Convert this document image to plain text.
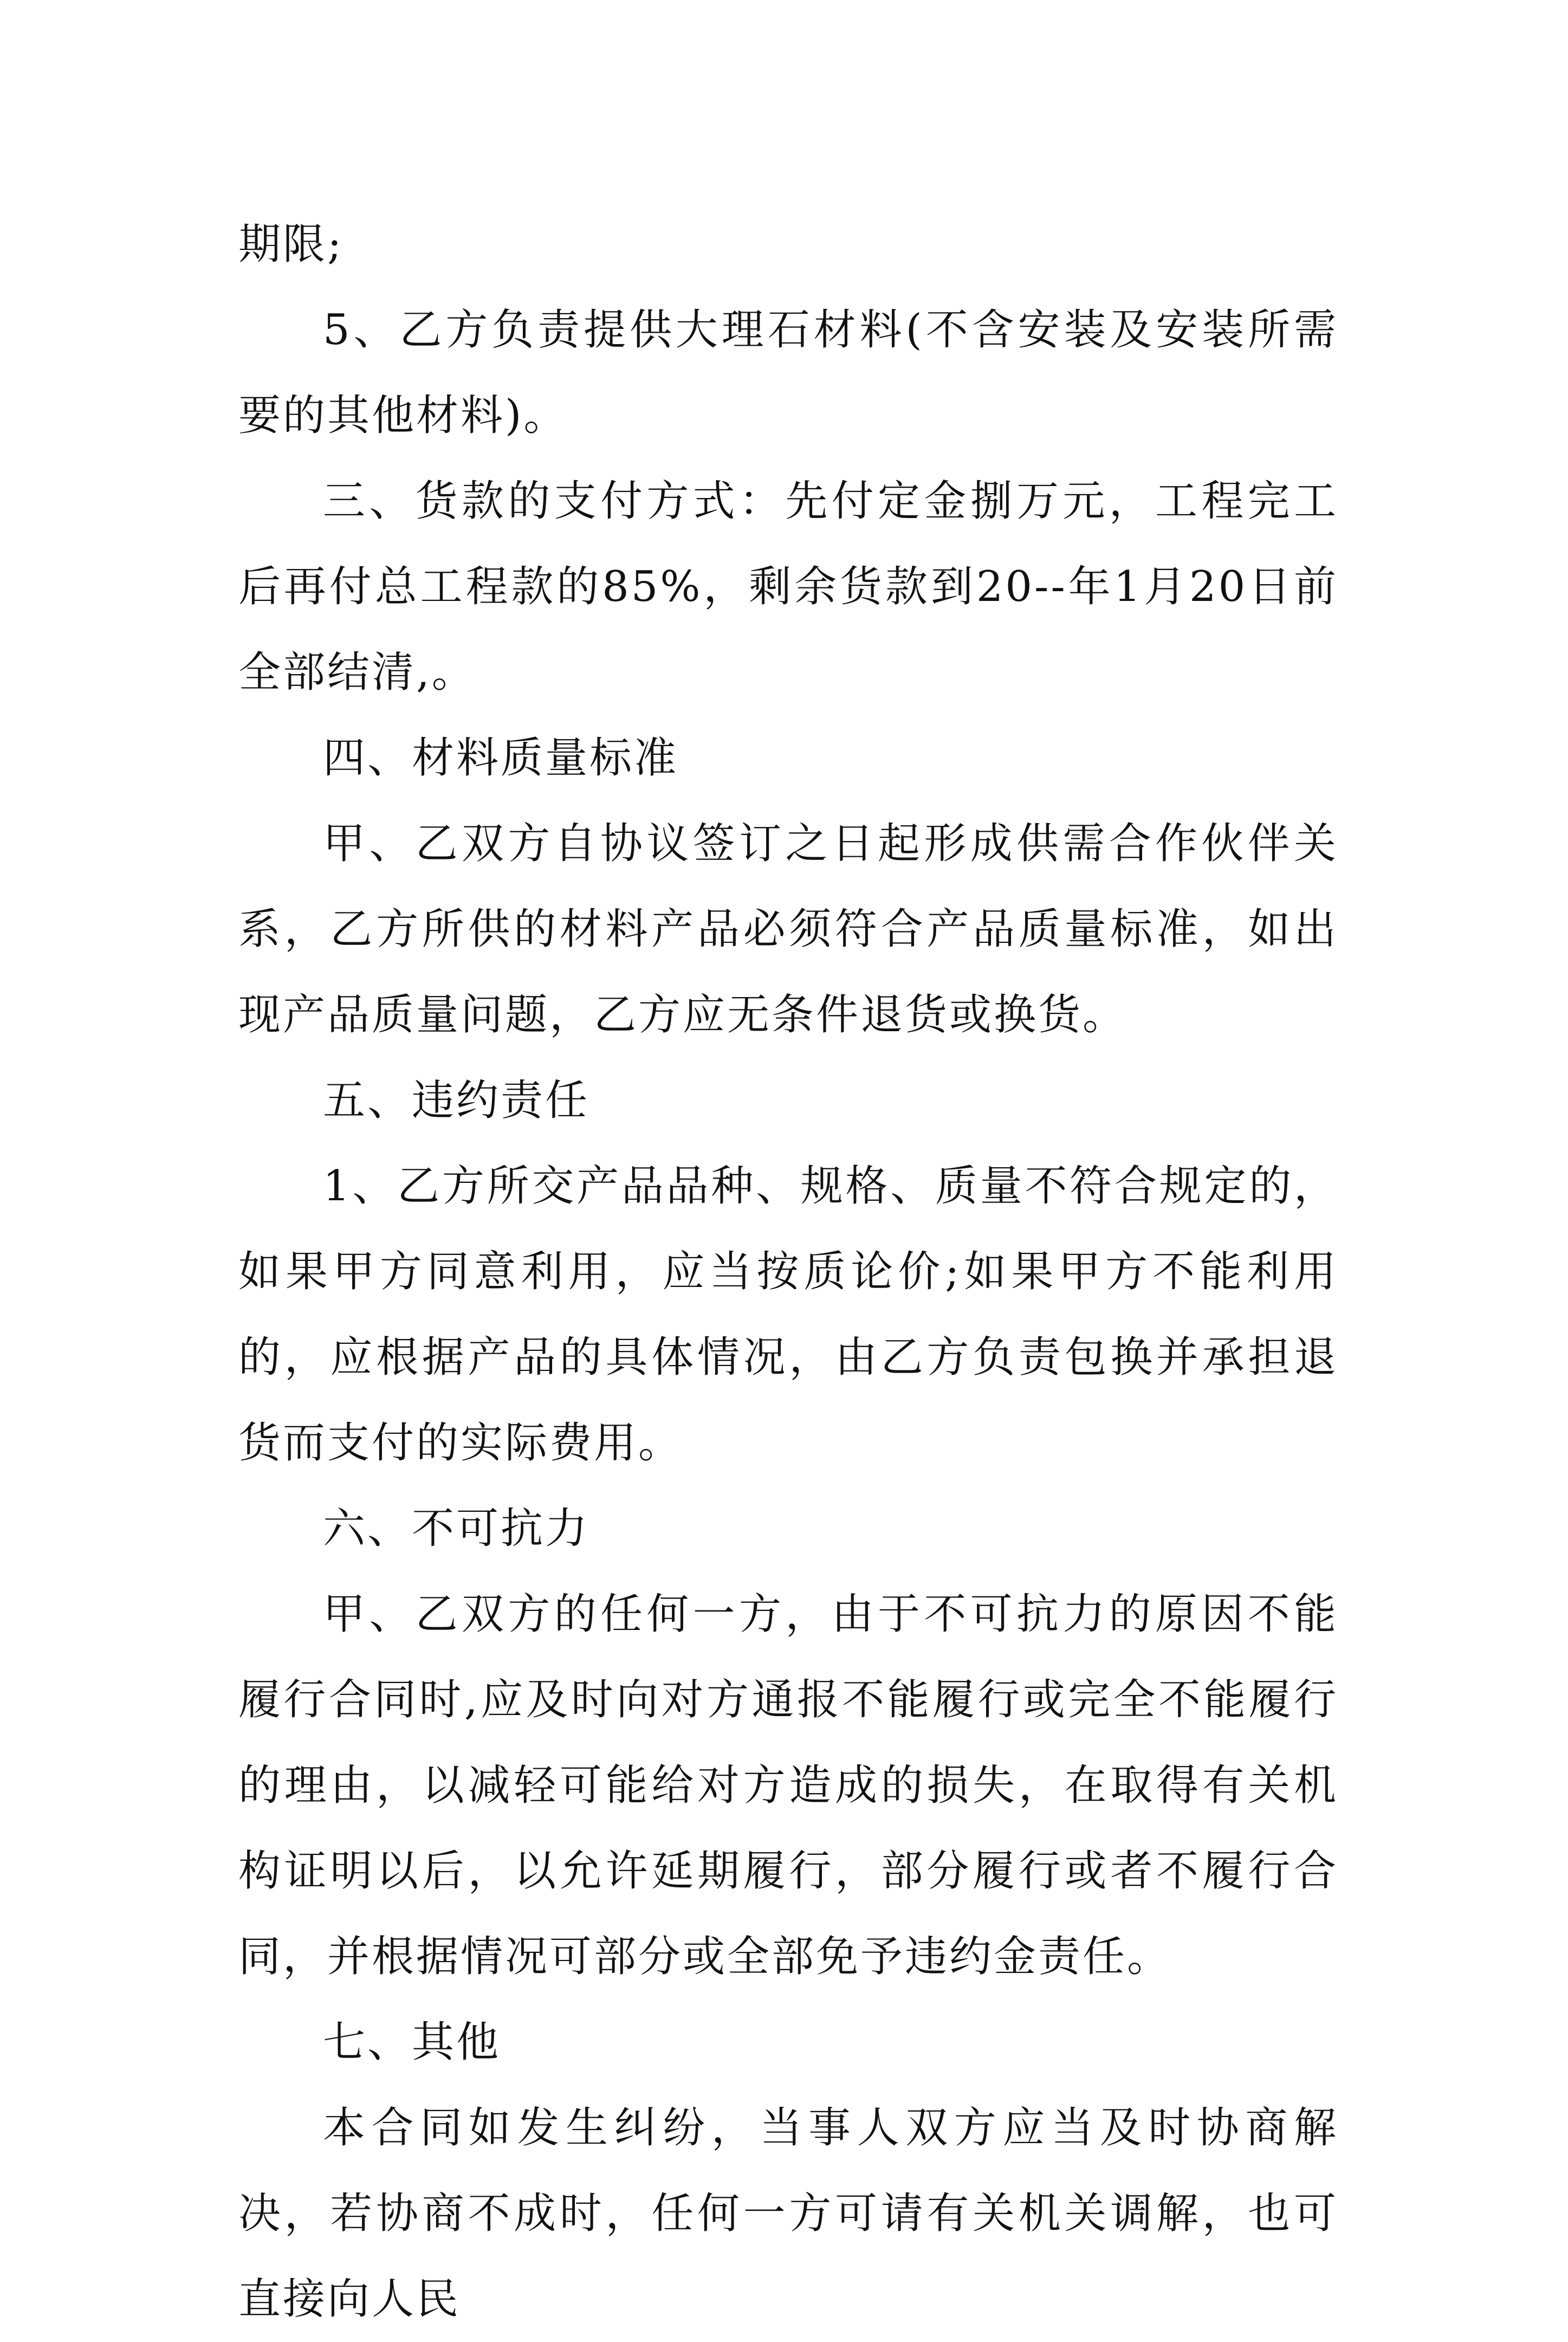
期限;

5、乙方负责提供大理石材料(不含安装及安装所需要的其他材料)。

三、货款的支付方式：先付定金捌万元，工程完工后再付总工程款的85%，剩余货款到20--年1月20日前全部结清,。

四、材料质量标准

甲、乙双方自协议签订之日起形成供需合作伙伴关系，乙方所供的材料产品必须符合产品质量标准，如出现产品质量问题，乙方应无条件退货或换货。

五、违约责任

1、乙方所交产品品种、规格、质量不符合规定的，如果甲方同意利用，应当按质论价;如果甲方不能利用的，应根据产品的具体情况，由乙方负责包换并承担退货而支付的实际费用。

六、不可抗力

甲、乙双方的任何一方，由于不可抗力的原因不能履行合同时,应及时向对方通报不能履行或完全不能履行的理由，以减轻可能给对方造成的损失，在取得有关机构证明以后，以允许延期履行，部分履行或者不履行合同，并根据情况可部分或全部免予违约金责任。

七、其他

本合同如发生纠纷，当事人双方应当及时协商解决，若协商不成时，任何一方可请有关机关调解，也可直接向人民
